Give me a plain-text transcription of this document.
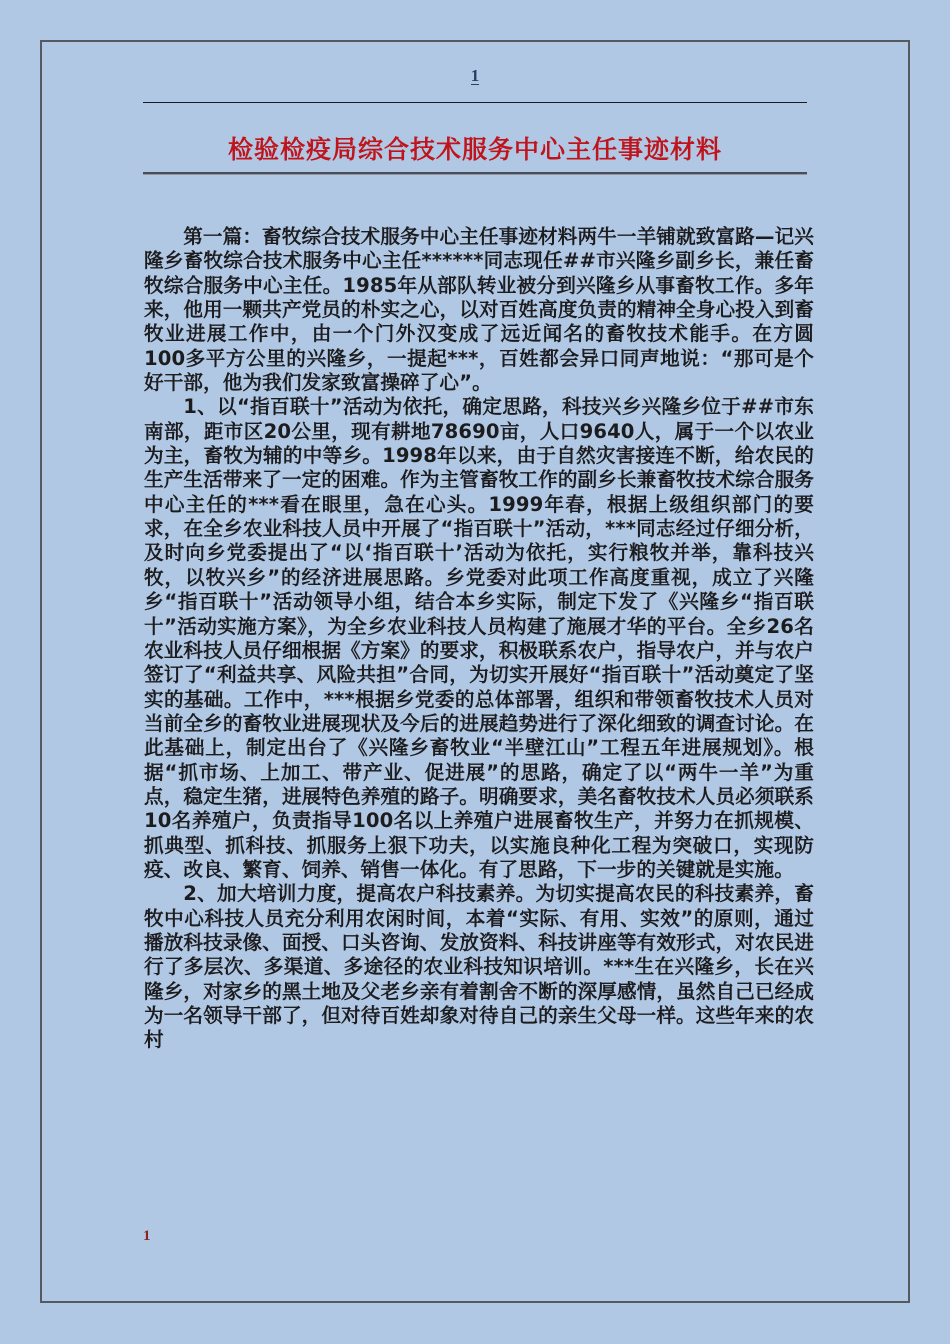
1
检验检疫局综合技术服务中心主任事迹材料

第一篇：畜牧综合技术服务中心主任事迹材料两牛一羊铺就致富路—记兴隆乡畜牧综合技术服务中心主任******同志现任##市兴隆乡副乡长，兼任畜牧综合服务中心主任。1985年从部队转业被分到兴隆乡从事畜牧工作。多年来，他用一颗共产党员的朴实之心，以对百姓高度负责的精神全身心投入到畜牧业进展工作中，由一个门外汉变成了远近闻名的畜牧技术能手。在方圆100多平方公里的兴隆乡，一提起***，百姓都会异口同声地说：“那可是个好干部，他为我们发家致富操碎了心”。

1、以“指百联十”活动为依托，确定思路，科技兴乡兴隆乡位于##市东南部，距市区20公里，现有耕地78690亩，人口9640人，属于一个以农业为主，畜牧为辅的中等乡。1998年以来，由于自然灾害接连不断，给农民的生产生活带来了一定的困难。作为主管畜牧工作的副乡长兼畜牧技术综合服务中心主任的***看在眼里，急在心头。1999年春，根据上级组织部门的要求，在全乡农业科技人员中开展了“指百联十”活动，***同志经过仔细分析，及时向乡党委提出了“以‘指百联十’活动为依托，实行粮牧并举，靠科技兴牧，以牧兴乡”的经济进展思路。乡党委对此项工作高度重视，成立了兴隆乡“指百联十”活动领导小组，结合本乡实际，制定下发了《兴隆乡“指百联十”活动实施方案》，为全乡农业科技人员构建了施展才华的平台。全乡26名农业科技人员仔细根据《方案》的要求，积极联系农户，指导农户，并与农户签订了“利益共享、风险共担”合同，为切实开展好“指百联十”活动奠定了坚实的基础。工作中，***根据乡党委的总体部署，组织和带领畜牧技术人员对当前全乡的畜牧业进展现状及今后的进展趋势进行了深化细致的调查讨论。在此基础上，制定出台了《兴隆乡畜牧业“半壁江山”工程五年进展规划》。根据“抓市场、上加工、带产业、促进展”的思路，确定了以“两牛一羊”为重点，稳定生猪，进展特色养殖的路子。明确要求，美名畜牧技术人员必须联系10名养殖户，负责指导100名以上养殖户进展畜牧生产，并努力在抓规模、抓典型、抓科技、抓服务上狠下功夫，以实施良种化工程为突破口，实现防疫、改良、繁育、饲养、销售一体化。有了思路，下一步的关键就是实施。

2、加大培训力度，提高农户科技素养。为切实提高农民的科技素养，畜牧中心科技人员充分利用农闲时间，本着“实际、有用、实效”的原则，通过播放科技录像、面授、口头咨询、发放资料、科技讲座等有效形式，对农民进行了多层次、多渠道、多途径的农业科技知识培训。***生在兴隆乡，长在兴隆乡，对家乡的黑土地及父老乡亲有着割舍不断的深厚感情，虽然自己已经成为一名领导干部了，但对待百姓却象对待自己的亲生父母一样。这些年来的农村

1
